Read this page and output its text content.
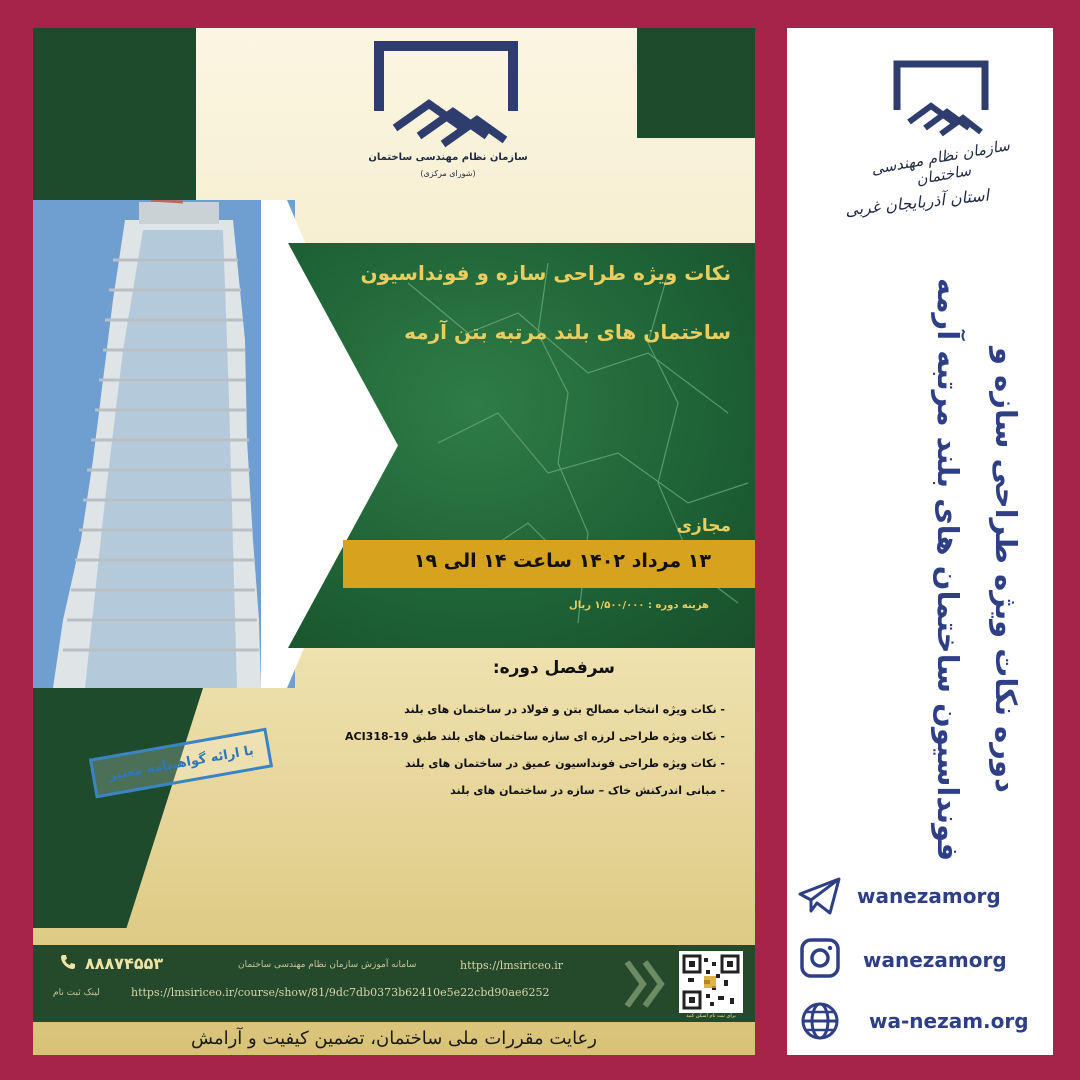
سازمان نظام مهندسی ساختمان
(شورای مرکزی)
نکات ویژه طراحی سازه و فونداسیون
ساختمان های بلند مرتبه بتن آرمه
مجازی
۱۳ مرداد ۱۴۰۲ ساعت ۱۴ الی ۱۹
هزینه دوره : ۱/۵۰۰/۰۰۰ ریال
سرفصل دوره:
- نکات ویژه انتخاب مصالح بتن و فولاد در ساختمان های بلند
- نکات ویژه طراحی لرزه ای سازه ساختمان های بلند طبق ACI318-19
- نکات ویژه طراحی فونداسیون عمیق در ساختمان های بلند
- مبانی اندرکنش خاک – سازه در ساختمان های بلند
با ارائه گواهینامه معتبر
۸۸۸۷۴۵۵۳	سامانه آموزش سازمان نظام مهندسی ساختمان	https://lmsiriceo.ir
لینک ثبت نام	https://lmsiriceo.ir/course/show/81/9dc7db0373b62410e5e22cbd90ae6252
برای ثبت نام اسکن کنید
رعایت مقررات ملی ساختمان، تضمین کیفیت و آرامش
سازمان نظام مهندسی ساختمان
استان آذربایجان غربی
دوره نکات ویژه طراحی سازه و
فونداسیون ساختمان های بلند مرتبه آرمه
wanezamorg
wanezamorg
wa-nezam.org
